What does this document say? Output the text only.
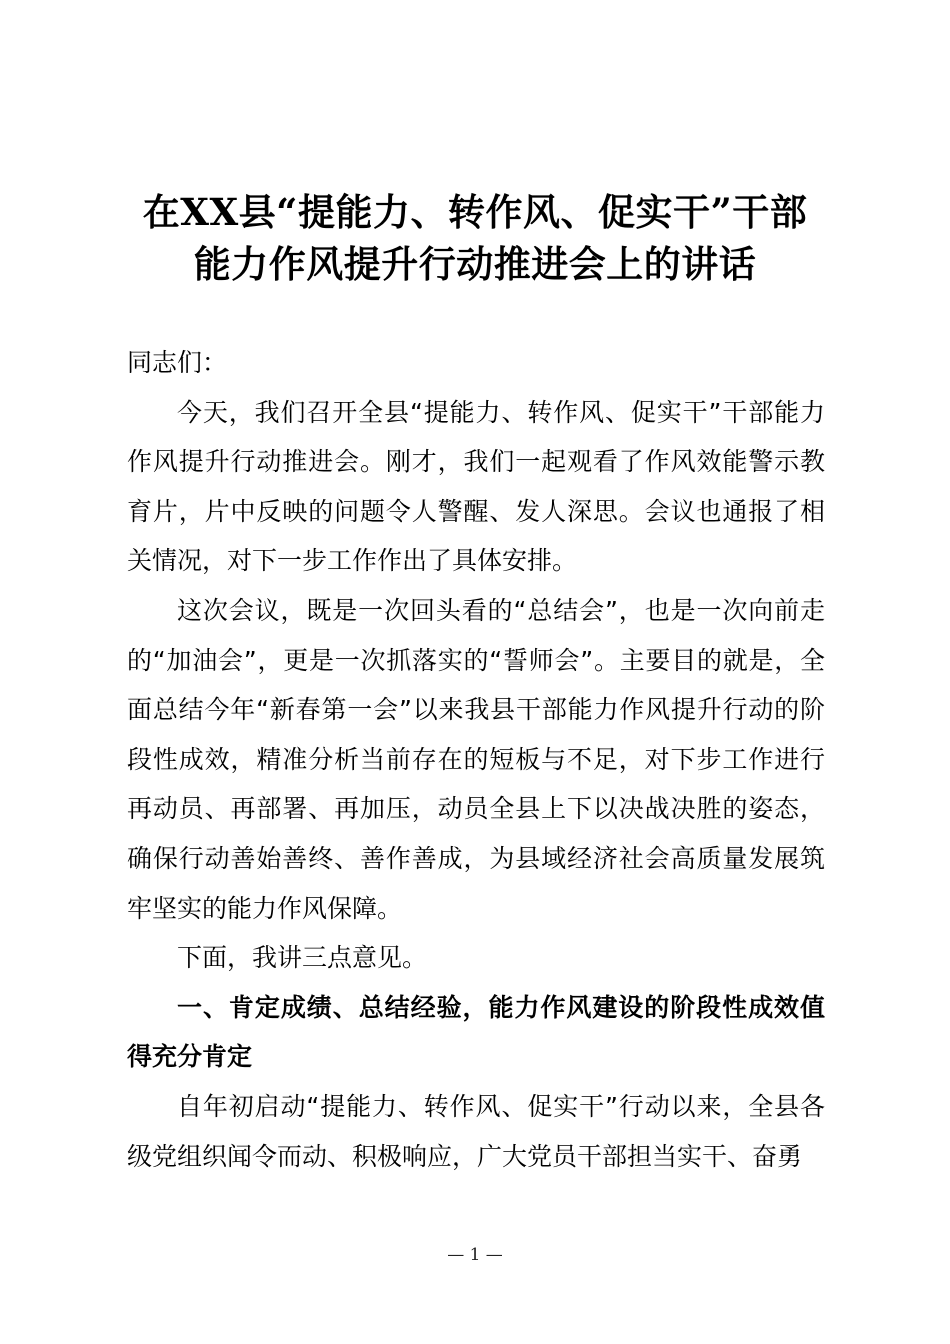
在XX县“提能力、转作风、促实干”干部
能力作风提升行动推进会上的讲话

同志们：

今天，我们召开全县“提能力、转作风、促实干”干部能力作风提升行动推进会。刚才，我们一起观看了作风效能警示教育片，片中反映的问题令人警醒、发人深思。会议也通报了相关情况，对下一步工作作出了具体安排。

这次会议，既是一次回头看的“总结会”，也是一次向前走的“加油会”，更是一次抓落实的“誓师会”。主要目的就是，全面总结今年“新春第一会”以来我县干部能力作风提升行动的阶段性成效，精准分析当前存在的短板与不足，对下步工作进行再动员、再部署、再加压，动员全县上下以决战决胜的姿态，确保行动善始善终、善作善成，为县域经济社会高质量发展筑牢坚实的能力作风保障。

下面，我讲三点意见。

一、肯定成绩、总结经验，能力作风建设的阶段性成效值得充分肯定

自年初启动“提能力、转作风、促实干”行动以来，全县各级党组织闻令而动、积极响应，广大党员干部担当实干、奋勇

— 1 —
